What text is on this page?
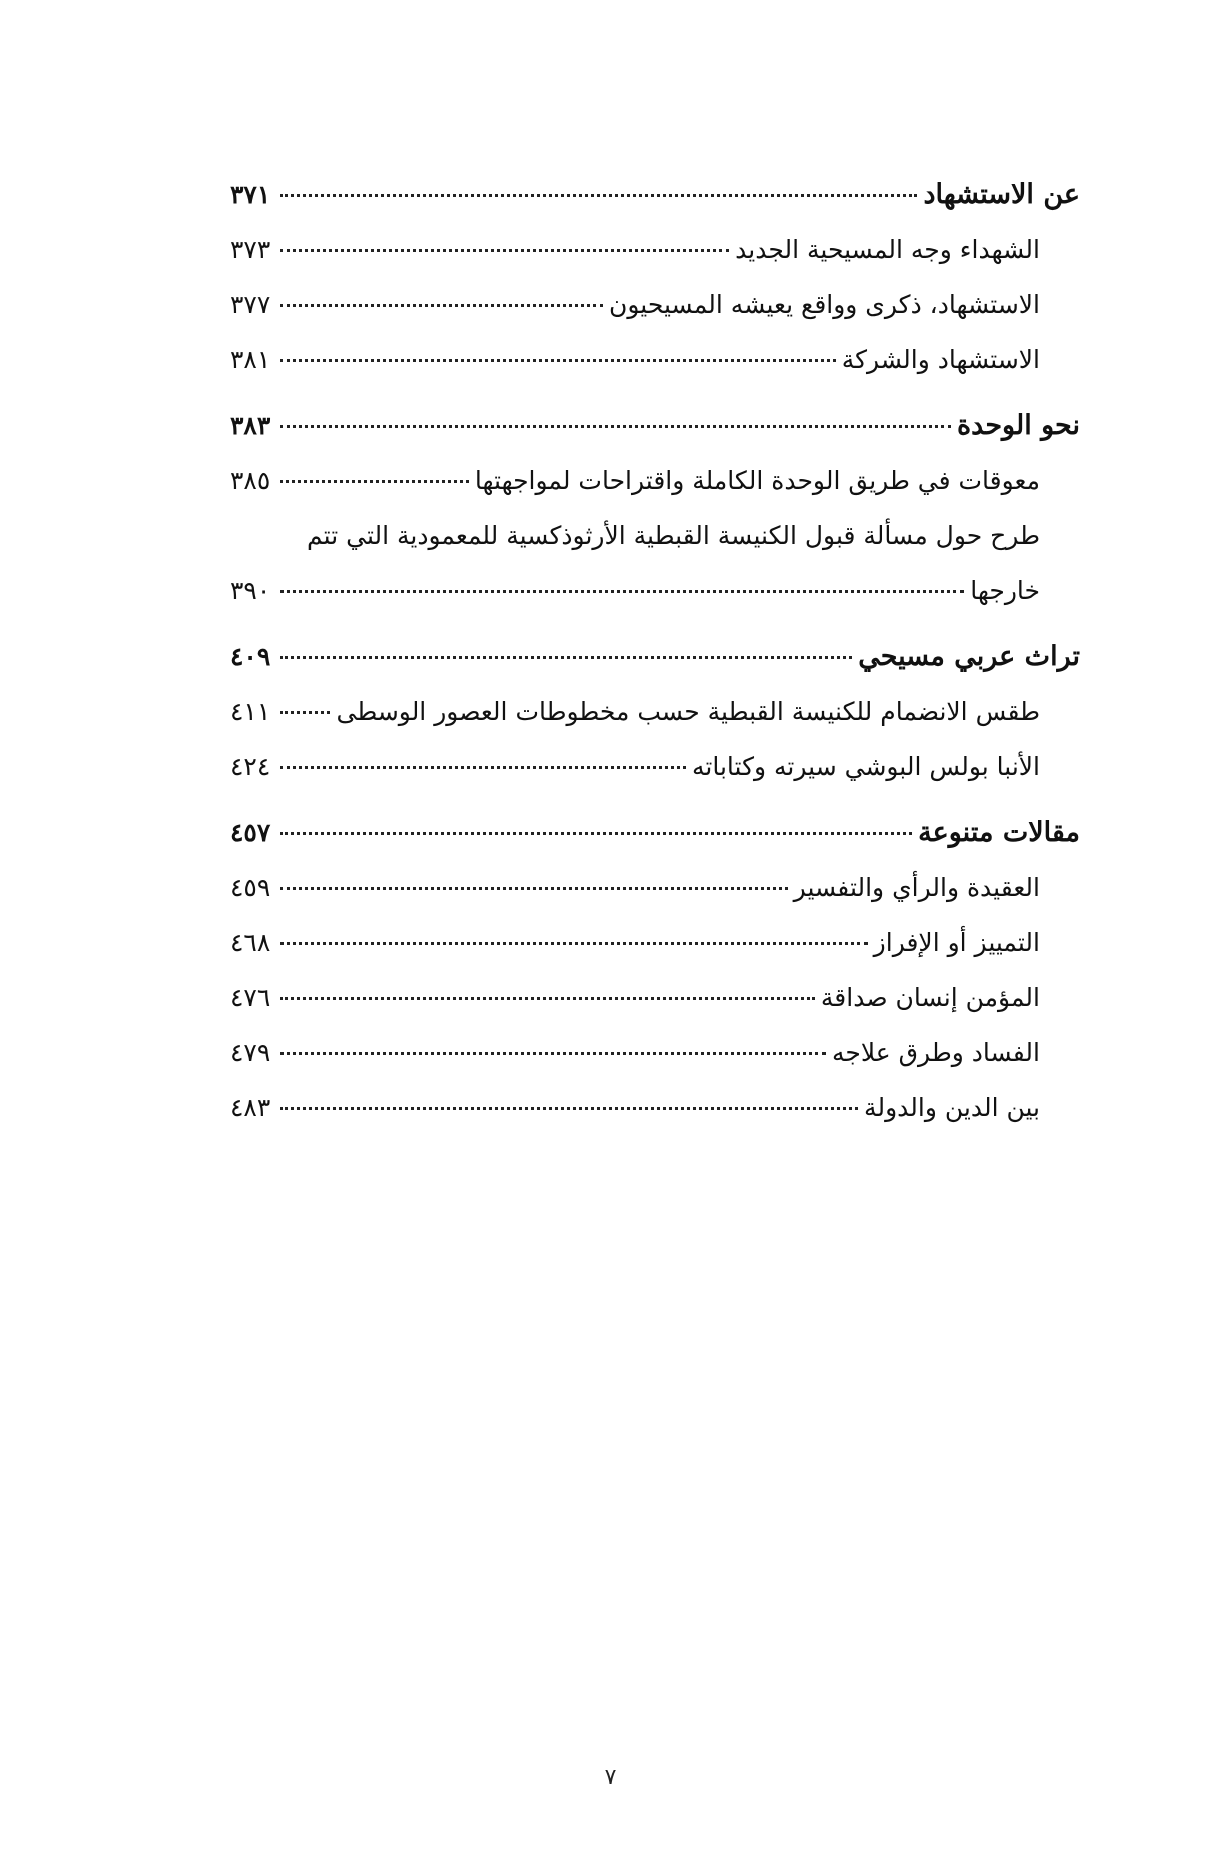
عن الاستشهاد
٣٧١
الشهداء وجه المسيحية الجديد
٣٧٣
الاستشهاد، ذكرى وواقع يعيشه المسيحيون
٣٧٧
الاستشهاد والشركة
٣٨١
نحو الوحدة
٣٨٣
معوقات في طريق الوحدة الكاملة واقتراحات لمواجهتها
٣٨٥
طرح حول مسألة قبول الكنيسة القبطية الأرثوذكسية للمعمودية التي تتم
خارجها
٣٩٠
تراث عربي مسيحي
٤٠٩
طقس الانضمام للكنيسة القبطية حسب مخطوطات العصور الوسطى
٤١١
الأنبا بولس البوشي سيرته وكتاباته
٤٢٤
مقالات متنوعة
٤٥٧
العقيدة والرأي والتفسير
٤٥٩
التمييز أو الإفراز
٤٦٨
المؤمن إنسان صداقة
٤٧٦
الفساد وطرق علاجه
٤٧٩
بين الدين والدولة
٤٨٣
٧
